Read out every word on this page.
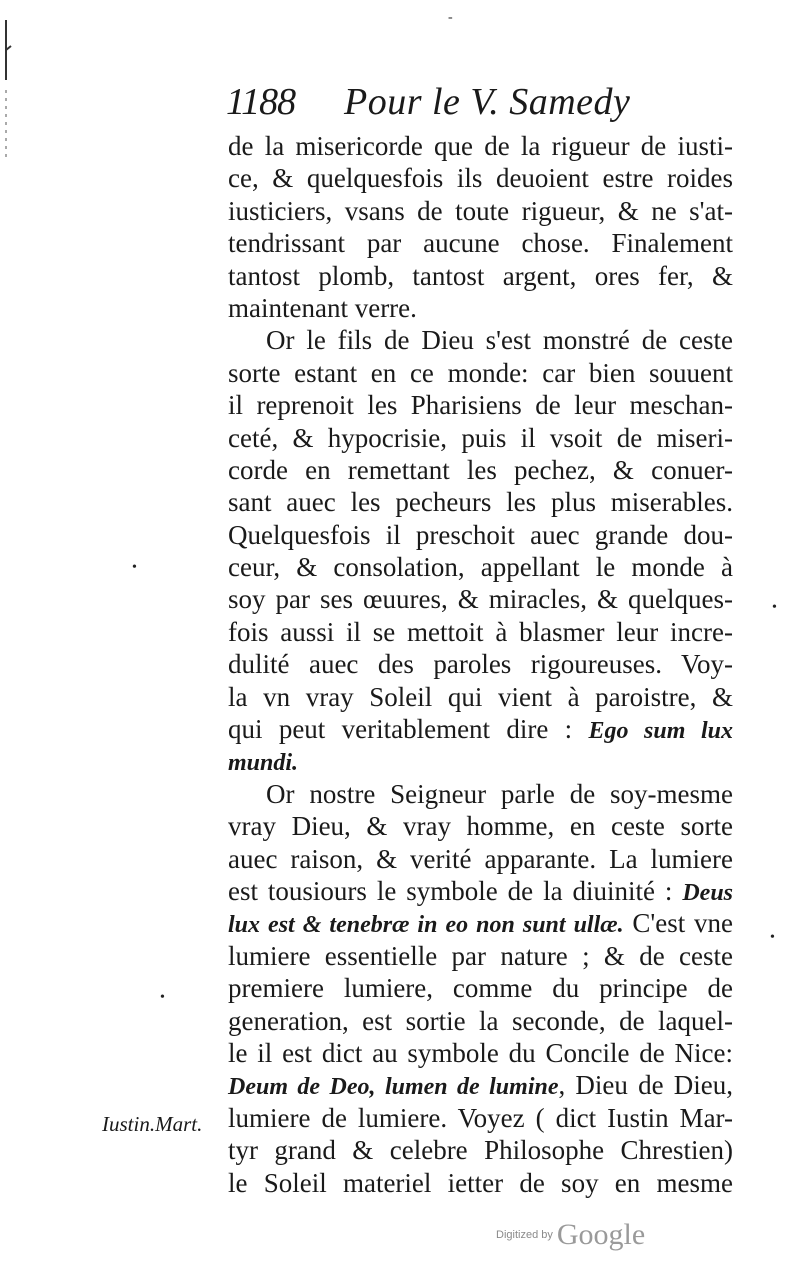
-
•
•
•
•
1188 Pour le V. Samedy
de la misericorde que de la rigueur de iusti-
ce, & quelquesfois ils deuoient estre roides
iusticiers, vsans de toute rigueur, & ne s'at-
tendrissant par aucune chose. Finalement
tantost plomb, tantost argent, ores fer, &
maintenant verre.
Or le fils de Dieu s'est monstré de ceste
sorte estant en ce monde: car bien souuent
il reprenoit les Pharisiens de leur meschan-
ceté, & hypocrisie, puis il vsoit de miseri-
corde en remettant les pechez, & conuer-
sant auec les pecheurs les plus miserables.
Quelquesfois il preschoit auec grande dou-
ceur, & consolation, appellant le monde à
soy par ses œuures, & miracles, & quelques-
fois aussi il se mettoit à blasmer leur incre-
dulité auec des paroles rigoureuses. Voy-
la vn vray Soleil qui vient à paroistre, &
qui peut veritablement dire : Ego sum lux
mundi.
Or nostre Seigneur parle de soy-mesme
vray Dieu, & vray homme, en ceste sorte
auec raison, & verité apparante. La lumiere
est tousiours le symbole de la diuinité : Deus
lux est & tenebræ in eo non sunt ullæ. C'est vne
lumiere essentielle par nature ; & de ceste
premiere lumiere, comme du principe de
generation, est sortie la seconde, de laquel-
le il est dict au symbole du Concile de Nice:
Deum de Deo, lumen de lumine, Dieu de Dieu,
lumiere de lumiere. Voyez ( dict Iustin Mar-
tyr grand & celebre Philosophe Chrestien)
le Soleil materiel ietter de soy en mesme
Iustin.Mart.
Digitized by Google
